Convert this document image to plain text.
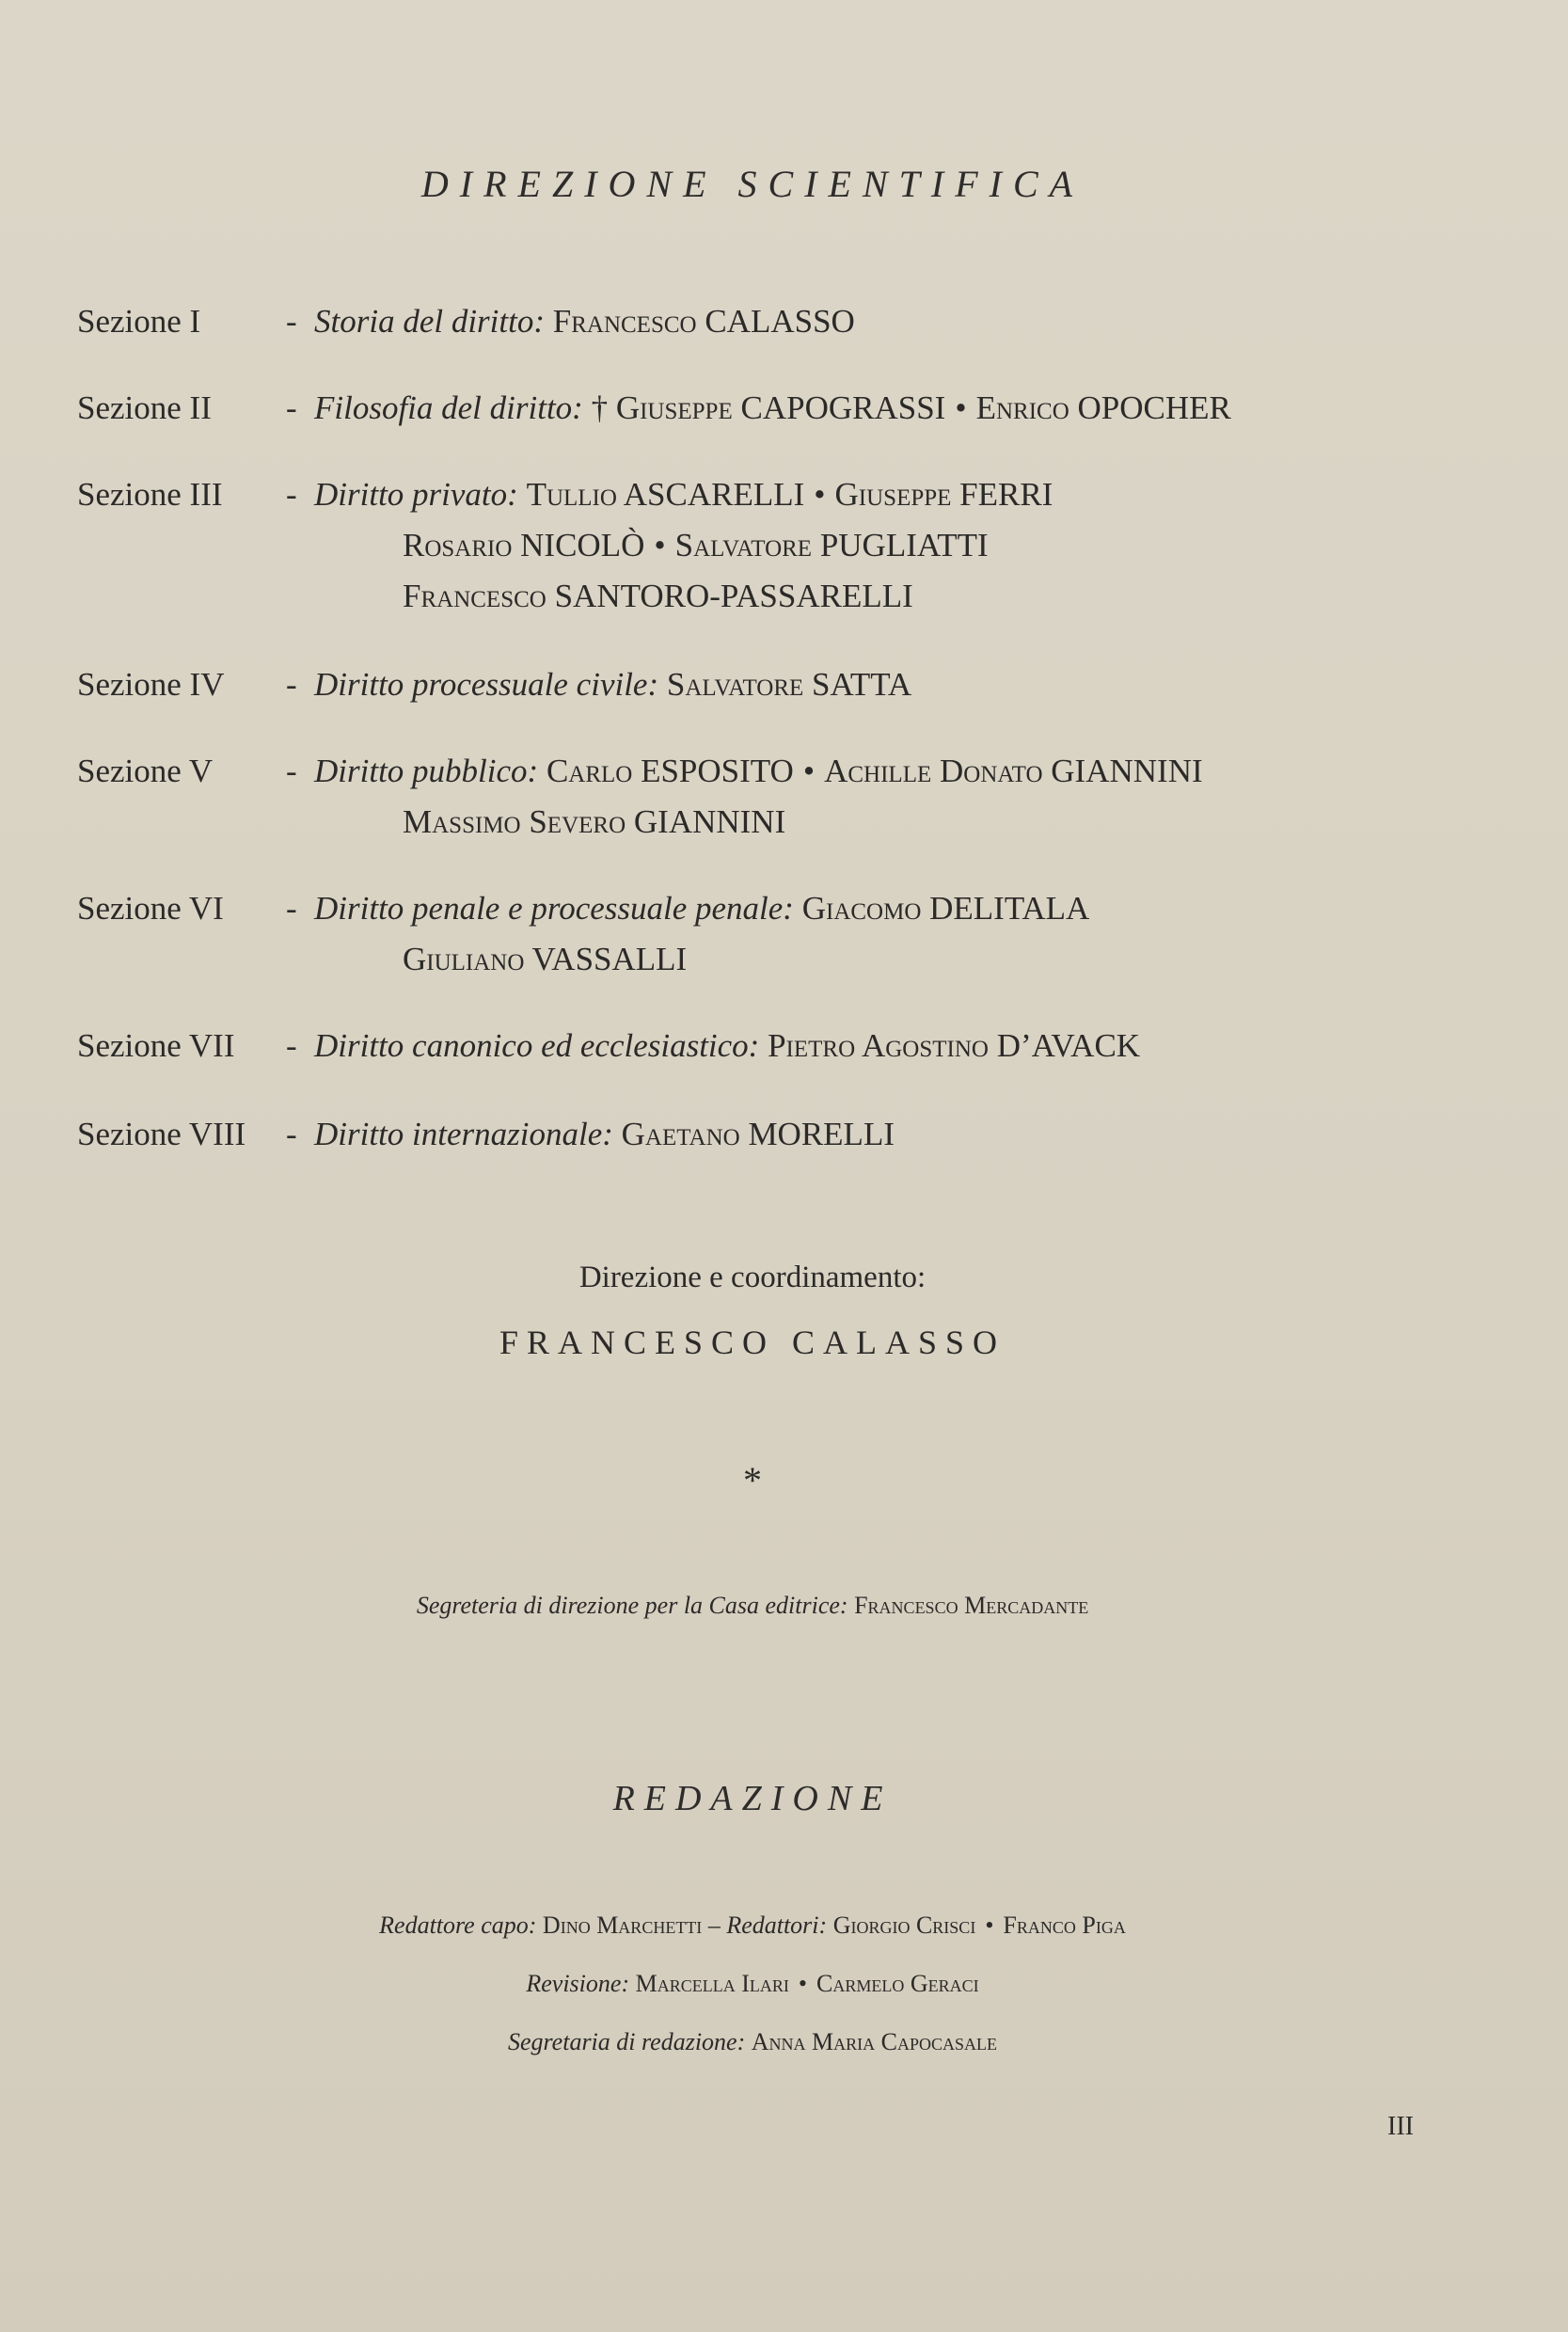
DIREZIONE SCIENTIFICA
Sezione I	- Storia del diritto: Francesco CALASSO
Sezione II - Filosofia del diritto: † Giuseppe CAPOGRASSI • Enrico OPOCHER
Sezione III - Diritto privato: Tullio ASCARELLI • Giuseppe FERRI
Rosario NICOLÒ • Salvatore PUGLIATTI
Francesco SANTORO-PASSARELLI
Sezione IV - Diritto processuale civile: Salvatore SATTA
Sezione V - Diritto pubblico: Carlo ESPOSITO • Achille Donato GIANNINI
Massimo Severo GIANNINI
Sezione VI - Diritto penale e processuale penale: Giacomo DELITALA
Giuliano VASSALLI
Sezione VII - Diritto canonico ed ecclesiastico: Pietro Agostino D’AVACK
Sezione VIII - Diritto internazionale: Gaetano MORELLI
Direzione e coordinamento:
FRANCESCO CALASSO
*
Segreteria di direzione per la Casa editrice: Francesco Mercadante
REDAZIONE
Redattore capo: Dino Marchetti – Redattori: Giorgio Crisci • Franco Piga
Revisione: Marcella Ilari • Carmelo Geraci
Segretaria di redazione: Anna Maria Capocasale
III
